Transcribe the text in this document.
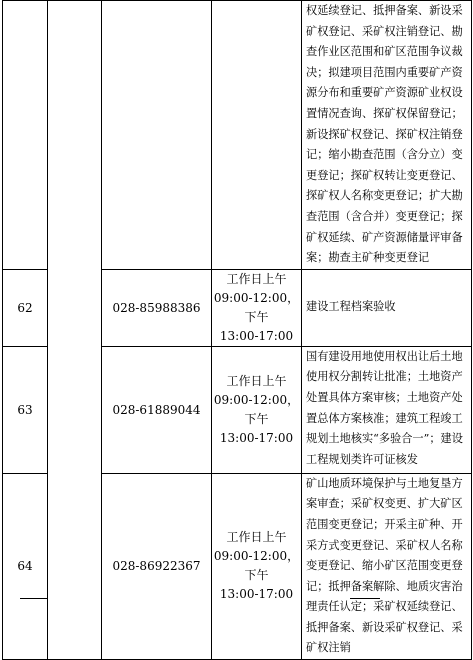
				权延续登记、抵押备案、新设采矿权登记、采矿权注销登记、勘查作业区范围和矿区范围争议裁决；拟建项目范围内重要矿产资源分布和重要矿产资源矿业权设置情况查询、探矿权保留登记；新设探矿权登记、探矿权注销登记；缩小勘查范围（含分立）变更登记；探矿权转让变更登记、探矿权人名称变更登记；扩大勘查范围（含合并）变更登记；探矿权延续、矿产资源储量评审备案；勘查主矿种变更登记
62		028-85988386	工作日上午
09:00-12:00，下午
13:00-17:00	建设工程档案验收
63		028-61889044	工作日上午
09:00-12:00，下午
13:00-17:00	国有建设用地使用权出让后土地使用权分割转让批准；土地资产处置具体方案审核；土地资产处置总体方案核准；建筑工程竣工规划土地核实“多验合一”；建设工程规划类许可证核发
64		028-86922367	工作日上午
09:00-12:00，下午
13:00-17:00	矿山地质环境保护与土地复垦方案审查；采矿权变更、扩大矿区范围变更登记；开采主矿种、开采方式变更登记、采矿权人名称变更登记、缩小矿区范围变更登记；抵押备案解除、地质灾害治理责任认定；采矿权延续登记、抵押备案、新设采矿权登记、采矿权注销
